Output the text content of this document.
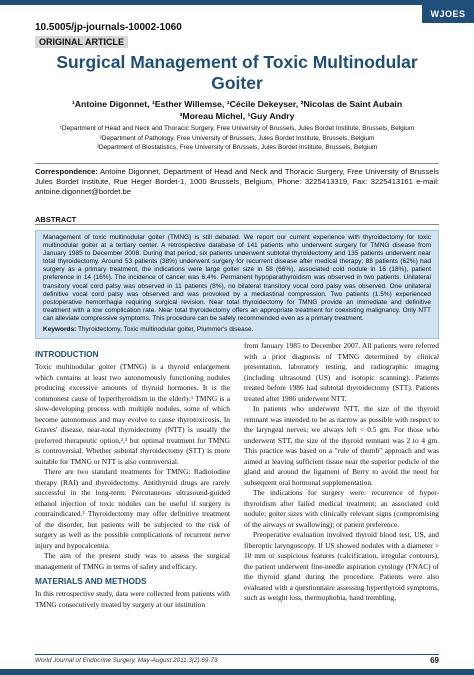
WJOES
10.5005/jp-journals-10002-1060
ORIGINAL ARTICLE
Surgical Management of Toxic Multinodular Goiter
¹Antoine Digonnet, ¹Esther Willemse, ¹Cécile Dekeyser, ²Nicolas de Saint Aubain
³Moreau Michel, ¹Guy Andry
¹Department of Head and Neck and Thoracic Surgery, Free University of Brussels, Jules Bordet Institute, Brussels, Belgium
²Department of Pathology, Free University of Brussels, Jules Bordet Institute, Brussels, Belgium
³Department of Biostatistics, Free University of Brussels, Jules Bordet Institute, Brussels, Belgium
Correspondence: Antoine Digonnet, Department of Head and Neck and Thoracic Surgery, Free University of Brussels Jules Bordet Institute, Rue Heger Bordet-1, 1000 Brussels, Belgium, Phone: 3225413319, Fax: 3225413161 e-mail: antoine.digonnet@bordet.be
ABSTRACT

Management of toxic multinodular goiter (TMNG) is still debated. We report our current experience with thyroidectomy for toxic multinodular goiter at a tertiary center. A retrospective database of 141 patients who underwent surgery for TMNG disease from January 1985 to December 2008. During that period, six patients underwent subtotal thyroidectomy and 135 patients underwent near total thyroidectomy. Around 53 patients (38%) underwent surgery for recurrent disease after medical therapy; 88 patients (62%) had surgery as a primary treatment, the indications were large goiter size in 58 (66%), associated cold nodule in 16 (18%), patient preference in 14 (16%). The incidence of cancer was 6.4%. Permanent hypoparathyroidism was observed in two patients. Unilateral transitory vocal cord palsy was observed in 11 patients (8%), no bilateral transitory vocal cord palsy was observed. One unilateral definitive vocal cord palsy was observed and was provoked by a mediastinal compression. Two patients (1.5%) experienced postoperative hemorrhagia requiring surgical revision. Near total thyroidectomy for TMNG provide an immediate and definitive treatment with a low complication rate. Near total thyroidectomy offers an appropriate treatment for coexisting malignancy. Only NTT can alleviate compressive symptoms. This procedure can be safely recommended even as a primary treatment.

Keywords: Thyroidectomy, Toxic multinodular goiter, Plummer's disease.

INTRODUCTION

Toxic multinodular goiter (TMNG) is a thyroid enlargement which contains at least two autonomously functioning nodules producing excessive amounts of thyroid hormones. It is the commonest cause of hyperthyroidism in the elderly.¹ TMNG is a slow-developing process with multiple nodules, some of which become autonomous and may evolve to cause thyrotoxicosis. In Graves' disease, near-total thyroidectomy (NTT) is usually the preferred therapeutic option,²,³ but optimal treatment for TMNG is controversial. Whether subtotal thyroidectomy (STT) is more suitable for TMNG or NTT is also controversial.

There are two standard treatments for TMNG: Radioiodine therapy (RAI) and thyroidectomy. Antithyroid drugs are rarely successful in the long-term. Percutaneous ultrasound-guided ethanol injection of toxic nodules can be useful if surgery is contraindicated.² Thyroidectomy may offer definitive treatment of the disorder, but patients will be subjected to the risk of surgery as well as the possible complications of recurrent nerve injury and hypocalcemia.

The aim of the present study was to assess the surgical management of TMNG in terms of safety and efficacy.

MATERIALS AND METHODS

In this retrospective study, data were collected from patients with TMNG consecutively treated by surgery at our institution

from January 1985 to December 2007. All patients were referred with a prior diagnosis of TMNG determined by clinical presentation, laboratory testing, and radiographic imaging (including ultrasound (US) and isotopic scanning). Patients treated before 1986 had subtotal thyroidectomy (STT). Patients treated after 1986 underwent NTT.

In patients who underwent NTT, the size of the thyroid remnant was intended to be as narrow as possible with respect to the laryngeal nerves; we always left < 0.5 gm. For those who underwent STT, the size of the thyroid remnant was 2 to 4 gm. This practice was based on a "rule of thumb" approach and was aimed at leaving sufficient tissue near the superior pedicle of the gland and around the ligament of Berry to avoid the need for subsequent oral hormonal supplementation.

The indications for surgery were: recurrence of hyper-thyroidism after failed medical treatment; an associated cold nodule; goiter sizes with clinically relevant signs (compromising of the airways or swallowing); or patient preference.

Preoperative evaluation involved thyroid blood test, US, and fiberoptic laryngoscopy. If US showed nodules with a diameter > 10 mm or suspicious features (calcification, irregular contours), the patient underwent fine-needle aspiration cytology (FNAC) of the thyroid gland during the procedure. Patients were also evaluated with a questionnaire assessing hyperthyroid symptoms, such as weight loss, thermophobia, hand trembling,

World Journal of Endocrine Surgery, May-August 2011;3(2):69-73	69
